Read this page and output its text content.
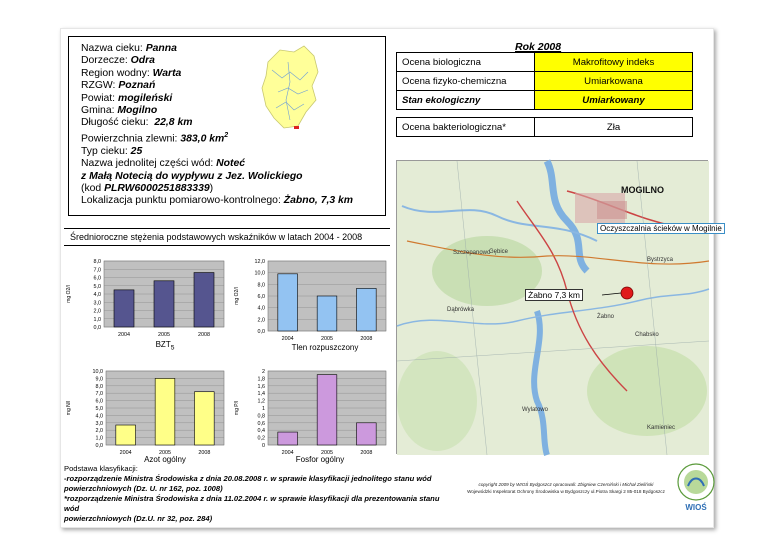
Nazwa cieku: Panna
Dorzecze: Odra
Region wodny: Warta
RZGW: Poznań
Powiat: mogileński
Gmina: Mogilno
Długość cieku: 22,8 km
Powierzchnia zlewni: 383,0 $km^2$
Typ cieku: 25
Nazwa jednolitej części wód: Noteć
z Małą Notecią do wypływu z Jez. Wolickiego
(kod PLRW6000251883339)
Lokalizacja punktu pomiarowo-kontrolnego: Żabno, 7,3 km
Rok 2008
Ocena biologiczna	Makrofitowy indeks
Ocena fizyko-chemiczna	Umiarkowana
Stan ekologiczny	Umiarkowany

Ocena bakteriologiczna*	Zła
Szczepanowo
Gębice
Dąbrówka
Żabno
Wylatowo
Bystrzyca
Chabsko
Kamieniec
MOGILNO
Oczyszczalnia ścieków w Mogilnie
Żabno 7,3 km
Średnioroczne stężenia podstawowych wskaźników w latach 2004 - 2008
0,0
1,0
2,0
3,0
4,0
5,0
6,0
7,0
8,0
mg O2/l
2004	2005	2008
$BZT_5$
0,0
2,0
4,0
6,0
8,0
10,0
12,0
mg O2/l
2004	2005	2008
Tlen rozpuszczony
0,0
1,0
2,0
3,0
4,0
5,0
6,0
7,0
8,0
9,0
10,0
mg N/l
2004	2005	2008
Azot ogólny
0
0,2
0,4
0,6
0,8
1
1,2
1,4
1,6
1,8
2
mg P/l
2004	2005	2008
Fosfor ogólny
Podstawa klasyfikacji:
-rozporządzenie Ministra Środowiska z dnia 20.08.2008 r. w sprawie klasyfikacji jednolitego stanu wód
powierzchniowych (Dz. U. nr 162, poz. 1008)
*rozporządzenie Ministra Środowiska z dnia 11.02.2004 r. w sprawie klasyfikacji dla prezentowania stanu wód
powierzchniowych (Dz.U. nr 32, poz. 284)
copyright 2009 by WIOŚ Bydgoszcz opracowali: Zbigniew Czerniński i Michał Zieliński
Wojewódzki Inspektorat Ochrony Środowiska w Bydgoszczy ul.Piotra Skargi 2 85-018 Bydgoszcz
WIOŚ
